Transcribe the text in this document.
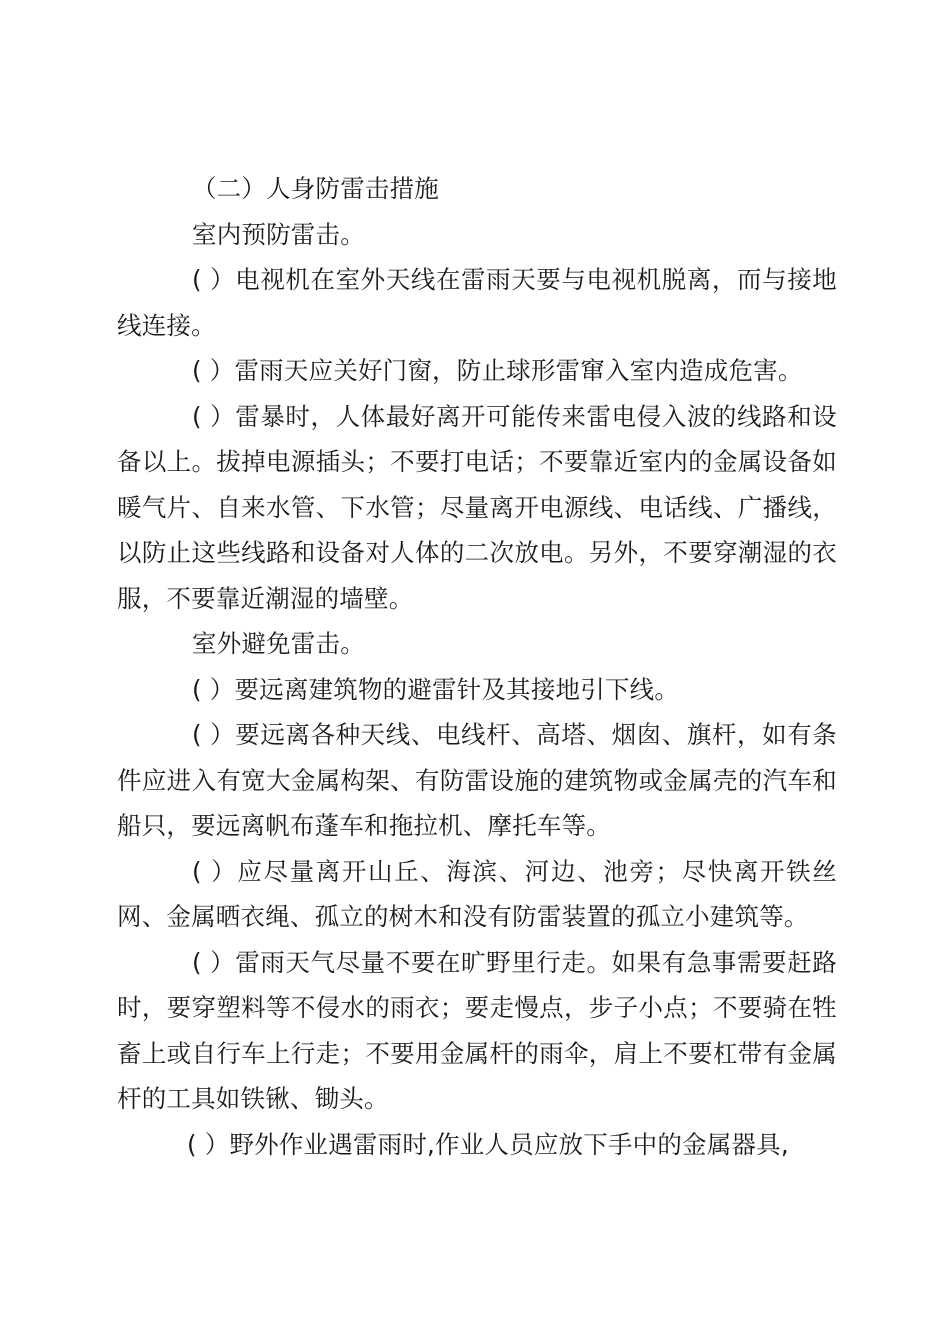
（二）人身防雷击措施

室内预防雷击。

( ）电视机在室外天线在雷雨天要与电视机脱离，而与接地线连接。

( ）雷雨天应关好门窗，防止球形雷窜入室内造成危害。

( ）雷暴时，人体最好离开可能传来雷电侵入波的线路和设备以上。拔掉电源插头；不要打电话；不要靠近室内的金属设备如暖气片、自来水管、下水管；尽量离开电源线、电话线、广播线，以防止这些线路和设备对人体的二次放电。另外，不要穿潮湿的衣服，不要靠近潮湿的墙壁。

室外避免雷击。

( ）要远离建筑物的避雷针及其接地引下线。

( ）要远离各种天线、电线杆、高塔、烟囱、旗杆，如有条件应进入有宽大金属构架、有防雷设施的建筑物或金属壳的汽车和船只，要远离帆布蓬车和拖拉机、摩托车等。

( ）应尽量离开山丘、海滨、河边、池旁；尽快离开铁丝网、金属晒衣绳、孤立的树木和没有防雷装置的孤立小建筑等。

( ）雷雨天气尽量不要在旷野里行走。如果有急事需要赶路时，要穿塑料等不侵水的雨衣；要走慢点，步子小点；不要骑在牲畜上或自行车上行走；不要用金属杆的雨伞，肩上不要杠带有金属杆的工具如铁锹、锄头。

( ）野外作业遇雷雨时,作业人员应放下手中的金属器具,
